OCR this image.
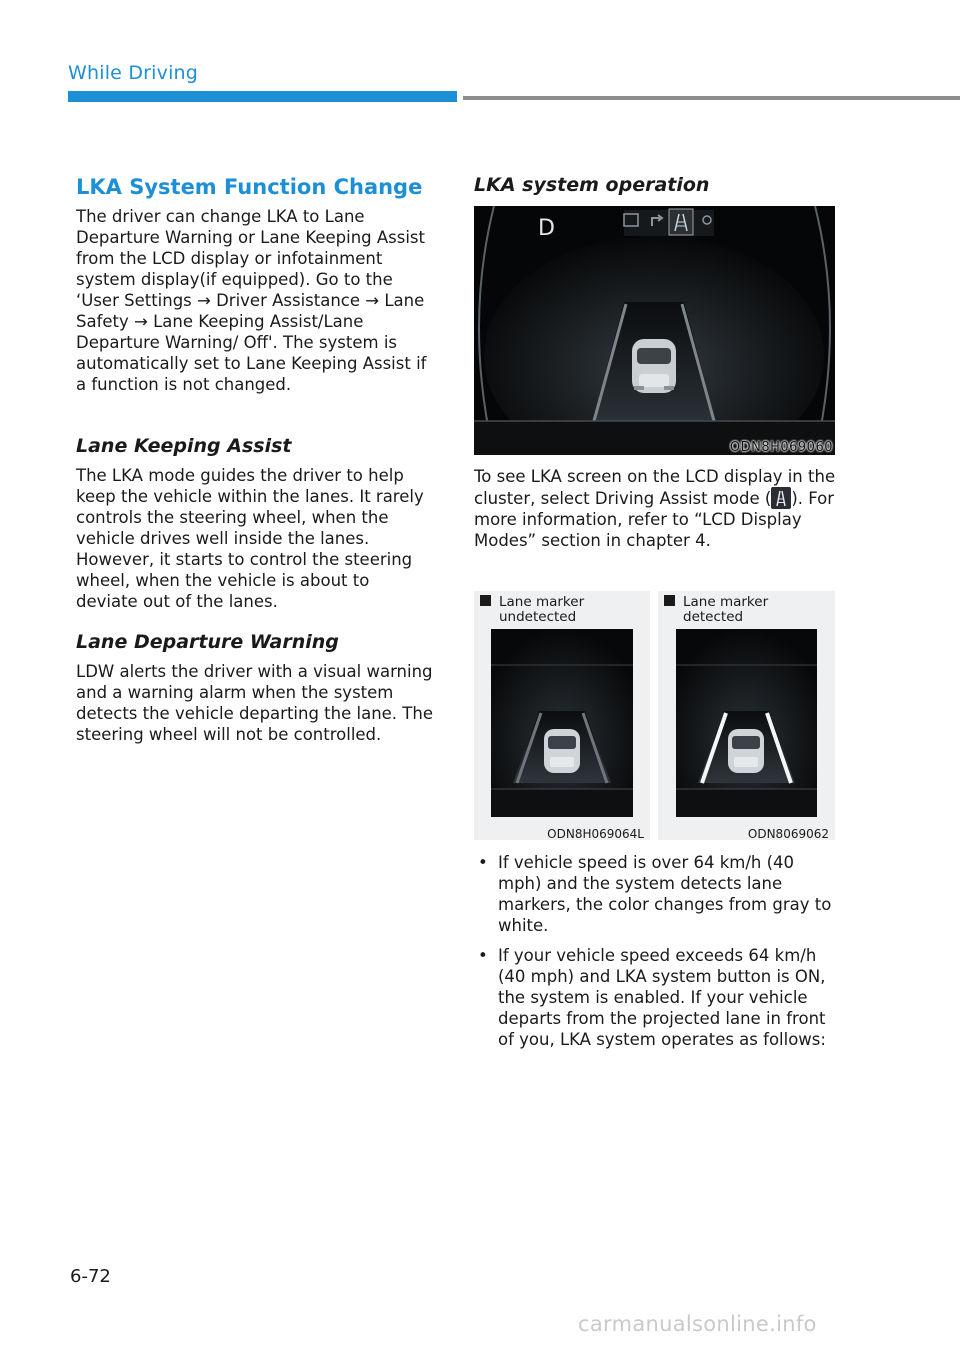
While Driving
LKA System Function Change
The driver can change LKA to Lane Departure Warning or Lane Keeping Assist from the LCD display or infotainment system display(if equipped). Go to the ‘User Settings → Driver Assistance → Lane Safety → Lane Keeping Assist/Lane Departure Warning/ Off'. The system is automatically set to Lane Keeping Assist if a function is not changed.
Lane Keeping Assist
The LKA mode guides the driver to help keep the vehicle within the lanes. It rarely controls the steering wheel, when the vehicle drives well inside the lanes. However, it starts to control the steering wheel, when the vehicle is about to deviate out of the lanes.
Lane Departure Warning
LDW alerts the driver with a visual warning and a warning alarm when the system detects the vehicle departing the lane. The steering wheel will not be controlled.
LKA system operation
D
ODN8H069060
To see LKA screen on the LCD display in the cluster, select Driving Assist mode ( ). For more information, refer to “LCD Display Modes” section in chapter 4.
Lane marker
undetected
ODN8H069064L
Lane marker
detected
ODN8069062
• If vehicle speed is over 64 km/h (40 mph) and the system detects lane markers, the color changes from gray to white.
• If your vehicle speed exceeds 64 km/h (40 mph) and LKA system button is ON, the system is enabled. If your vehicle departs from the projected lane in front of you, LKA system operates as follows:
6-72
carmanualsonline.info
